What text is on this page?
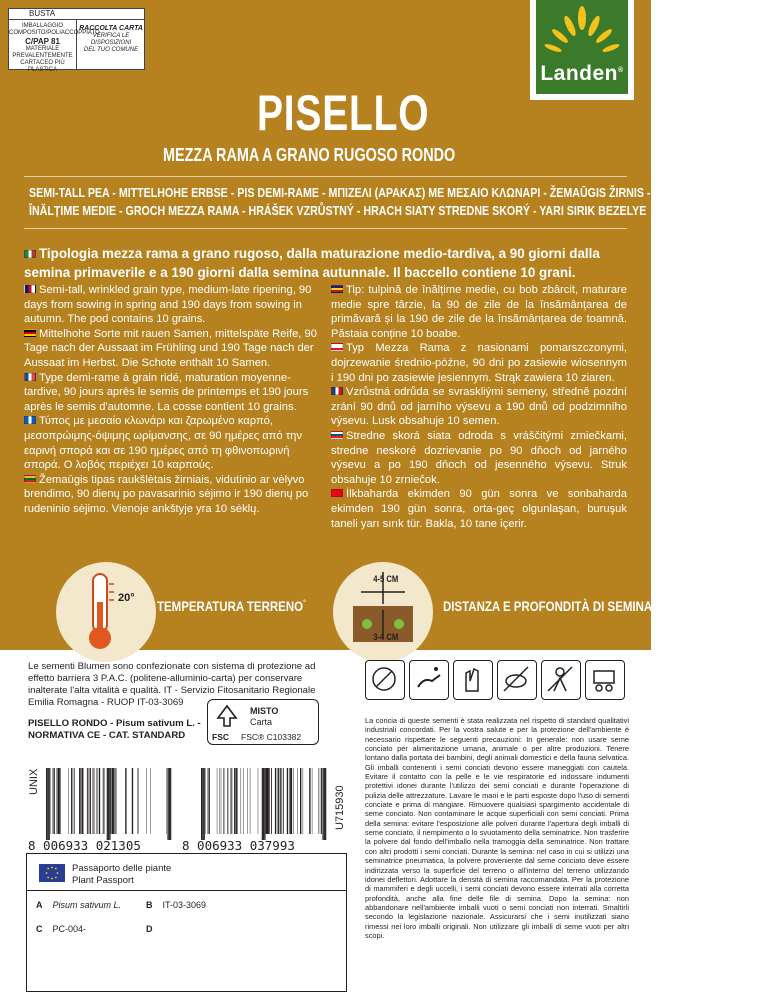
BUSTA
IMBALLAGGIO
COMPOSITO/POLIACCOPPIATO
C/PAP 81
MATERIALE PREVALENTEMENTE
CARTACEO PIÙ PLASTICA
RACCOLTA CARTA
VERIFICA LE DISPOSIZIONI
DEL TUO COMUNE
Landen®
PISELLO
MEZZA RAMA A GRANO RUGOSO RONDO
SEMI-TALL PEA - MITTELHOHE ERBSE - PIS DEMI-RAME - ΜΠΙΖΕΛΙ (ΑΡΑΚΑΣ) ΜΕ ΜΕΣΑΙΟ ΚΛΩΝΑΡΙ - ŽEMAŪGIS ŽIRNIS - MAZĂRE CU TULPINA DE
ÎNĂLȚIME MEDIE - GROCH MEZZA RAMA - HRÁŠEK VZRŮSTNÝ - HRACH SIATY STREDNE SKORÝ - YARI SIRIK BEZELYE
Tipologia mezza rama a grano rugoso, dalla maturazione medio-tardiva, a 90 giorni dalla semina primaverile e a 190 giorni dalla semina autunnale. Il baccello contiene 10 grani.
Semi-tall, wrinkled grain type, medium-late ripening, 90 days from sowing in spring and 190 days from sowing in autumn. The pod contains 10 grains.
Mittelhohe Sorte mit rauen Samen, mittelspäte Reife, 90 Tage nach der Aussaat im Frühling und 190 Tage nach der Aussaat im Herbst. Die Schote enthält 10 Samen.
Type demi-rame à grain ridé, maturation moyenne-tardive, 90 jours après le semis de printemps et 190 jours après le semis d'automne. La cosse contient 10 grains.
Τύπος με μεσαίο κλωνάρι και ζαρωμένο καρπό, μεσοπρώιμης-όψιμης ωρίμανσης, σε 90 ημέρες από την εαρινή σπορά και σε 190 ημέρες από τη φθινοπωρινή σπορά. Ο λοβός περιέχει 10 καρπούς.
Žemaūgis tipas raukšlėtais žirniais, vidutinio ar vėlyvo brendimo, 90 dienų po pavasarinio sėjimo ir 190 dienų po rudeninio sėjimo. Vienoje ankštyje yra 10 sėklų.
Tip: tulpină de înălțime medie, cu bob zbârcit, maturare medie spre târzie, la 90 de zile de la însămânțarea de primăvară și la 190 de zile de la însămânțarea de toamnă. Păstaia conține 10 boabe.
Typ Mezza Rama z nasionami pomarszczonymi, dojrzewanie średnio-późne, 90 dni po zasiewie wiosennym i 190 dni po zasiewie jesiennym. Strąk zawiera 10 ziaren.
Vzrůstná odrůda se svraskliými semeny, středně pozdní zrání 90 dnů od jarního výsevu a 190 dnů od podzimního výsevu. Lusk obsahuje 10 semen.
Stredne skorá siata odroda s vráščitými zrniečkami, stredne neskoré dozrievanie po 90 dňoch od jarného výsevu a po 190 dňoch od jesenného výsevu. Struk obsahuje 10 zrniečok.
İlkbaharda ekimden 90 gün sonra ve sonbaharda ekimden 190 gün sonra, orta-geç olgunlaşan, buruşuk taneli yarı sırık tür. Bakla, 10 tane içerir.
20° TEMPERATURA TERRENO°
4-5 CM
3-4 CM
DISTANZA E PROFONDITÀ DI SEMINA
Le sementi Blumen sono confezionate con sistema di protezione ad effetto barriera 3 P.A.C. (politene-alluminio-carta) per conservare inalterate l'alta vitalità e qualità. IT - Servizio Fitosanitario Regionale Emilia Romagna - RUOP IT-03-3069
PISELLO RONDO - Pisum sativum L. -
NORMATIVA CE - CAT. STANDARD
MISTO
Carta
FSC FSC® C103382
UNIX
U715930
8 006933 021305	8 006933 037993
Passaporto delle piante
Plant Passport
A Pisum sativum L.	B IT-03-3069
C PC-004-	D
La concia di queste sementi è stata realizzata nel rispetto di standard qualitativi industriali concordati. Per la vostra salute e per la protezione dell'ambiente è necessario rispettare le seguenti precauzioni: In generale: non usare seme conciato per alimentazione umana, animale o per altre produzioni. Tenere lontano dalla portata dei bambini, degli animali domestici e della fauna selvatica. Gli imballi contenenti i semi conciati devono essere maneggiati con cautela. Evitare il contatto con la pelle e le vie respiratorie ed indossare indumenti protettivi idonei durante l'utilizzo dei semi conciati e durante l'operazione di pulizia delle attrezzature. Lavare le mani e le parti esposte dopo l'uso di sementi conciate e prima di mangiare. Rimuovere qualsiasi spargimento accidentale di seme conciato. Non contaminare le acque superficiali con semi conciati. Prima della semina: evitare l'esposizione alle polveri durante l'apertura degli imballi di seme conciato, il riempimento o lo svuotamento della seminatrice. Non trasferire la polvere dal fondo dell'imballo nella tramoggia della seminatrice. Non trattare con altri prodotti i semi conciati. Durante la semina: nel caso in cui si utilizzi una seminatrice pneumatica, la polvere proveniente dal seme conciato deve essere indirizzata verso la superficie del terreno o all'interno del terreno utilizzando idonei deflettori. Adottare la densità di semina raccomandata. Per la protezione di mammiferi e degli uccelli, i semi conciati devono essere interrati alla corretta profondità, anche alla fine delle file di semina. Dopo la semina: non abbandonare nell'ambiente imballi vuoti o semi conciati non interrati. Smaltirli secondo la legislazione nazionale. Assicurarsi che i semi inutilizzati siano rimessi nei loro imballi originali. Non utilizzare gli imballi di seme vuoti per altri scopi.
